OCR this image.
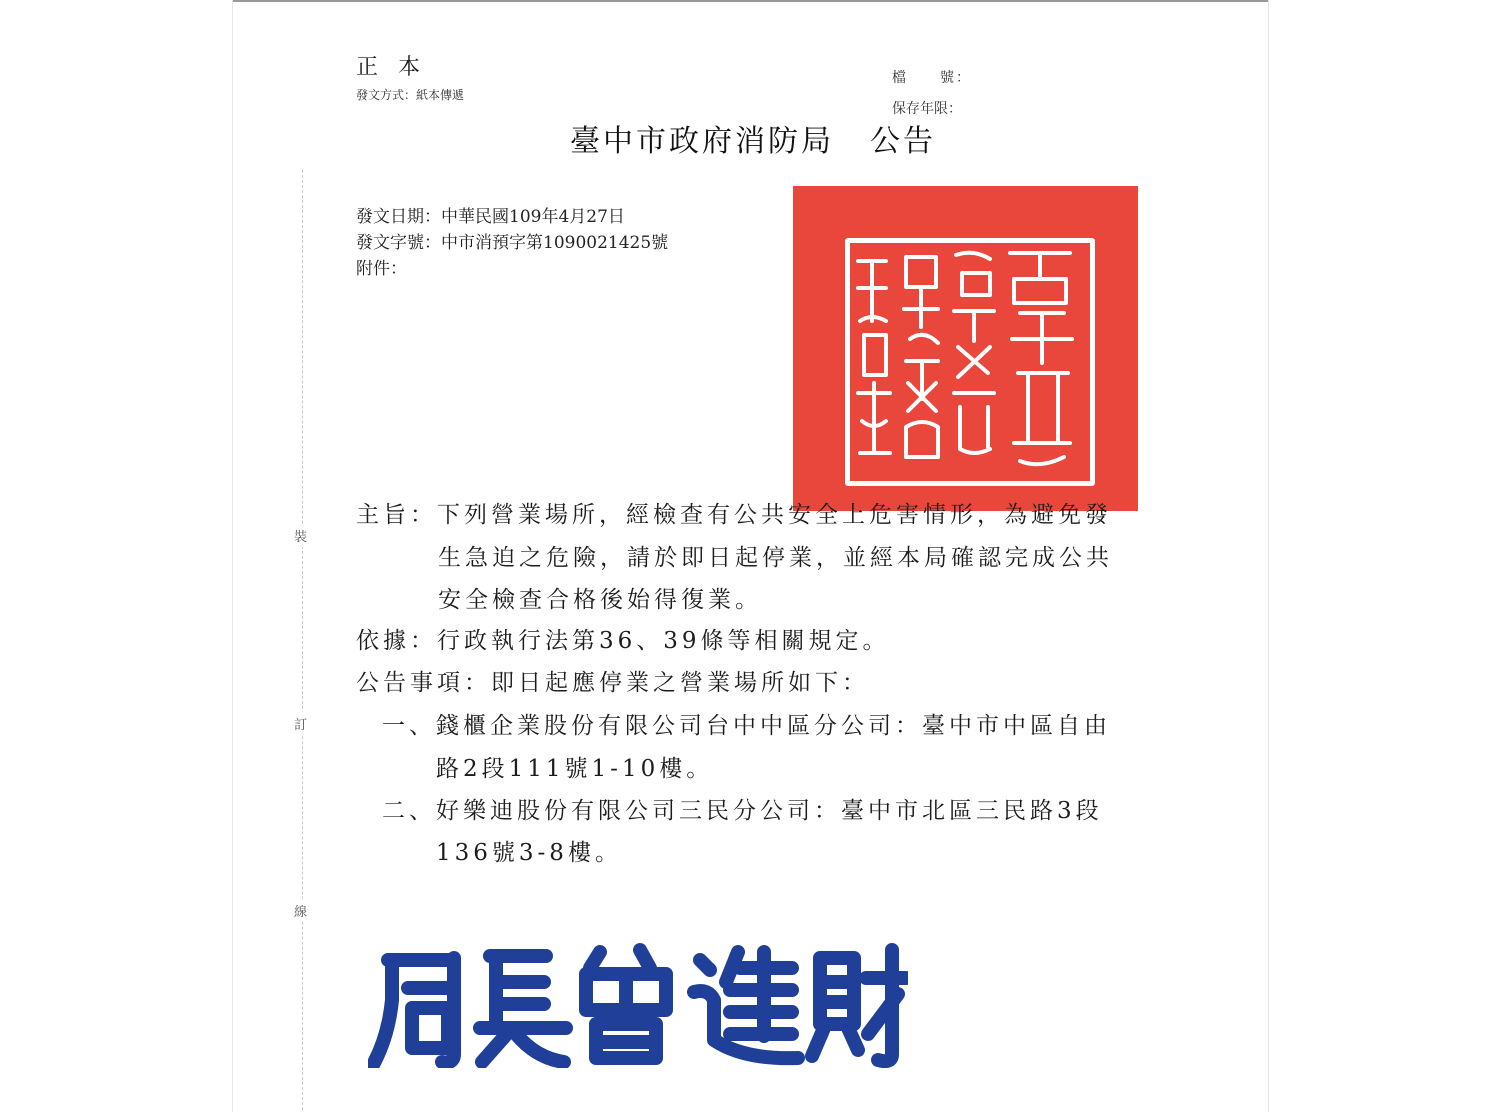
裝
訂
線
正本
發文方式：紙本傳遞
檔　　號：
保存年限：
臺中市政府消防局 公告
發文日期：中華民國109年4月27日
發文字號：中市消預字第1090021425號
附件：
主旨：下列營業場所，經檢查有公共安全上危害情形，為避免發
生急迫之危險，請於即日起停業，並經本局確認完成公共
安全檢查合格後始得復業。
依據：行政執行法第36、39條等相關規定。
公告事項：即日起應停業之營業場所如下：
一、錢櫃企業股份有限公司台中中區分公司：臺中市中區自由
路2段111號1-10樓。
二、好樂迪股份有限公司三民分公司：臺中市北區三民路3段
136號3-8樓。
